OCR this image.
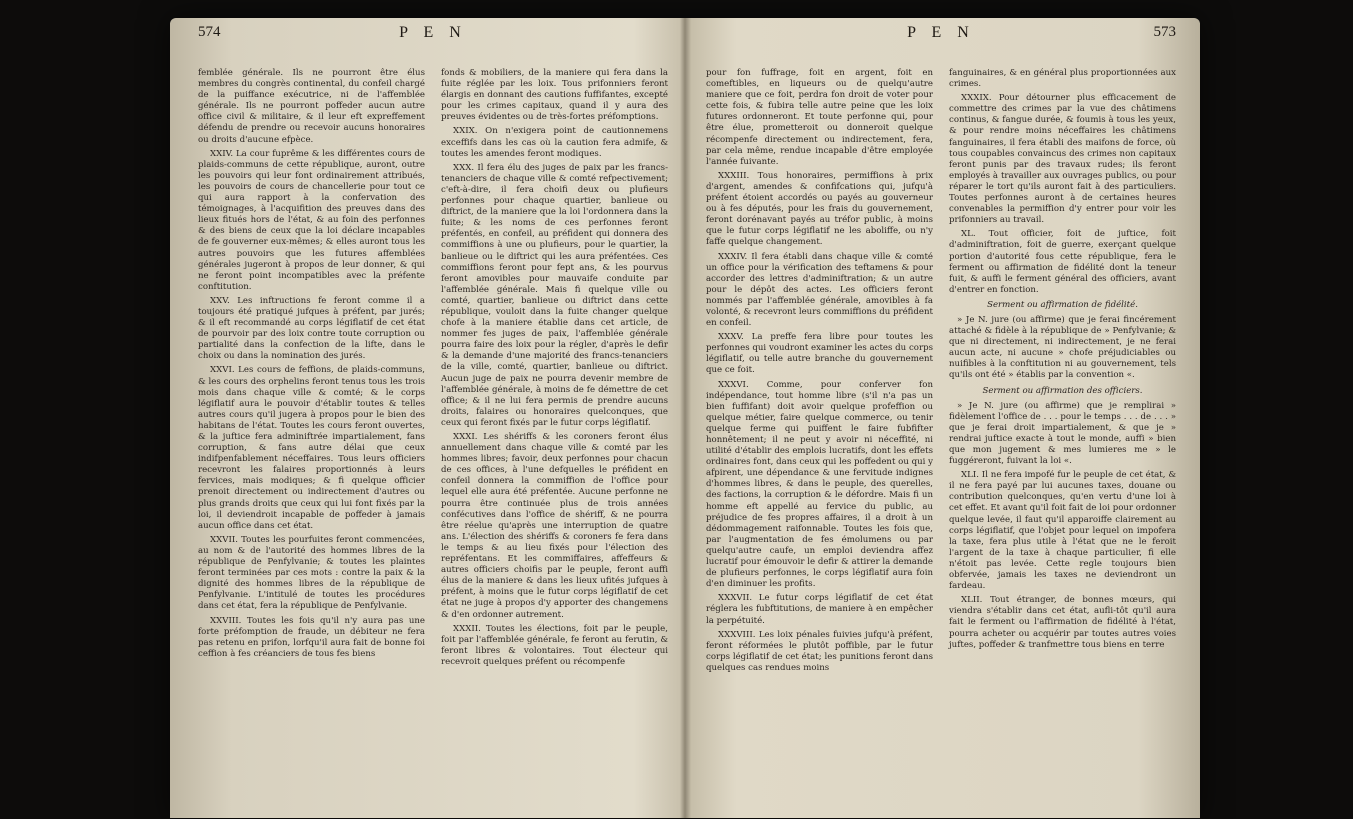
574	P E N

femblée générale. Ils ne pourront être élus membres du congrès continental, du confeil chargé de la puiffance exécutrice, ni de l'affemblée générale. Ils ne pourront poffeder aucun autre office civil & militaire, & il leur eft expreffement défendu de prendre ou recevoir aucuns honoraires ou droits d'aucune efpèce.

XXIV. La cour fuprême & les différentes cours de plaids-communs de cette république, auront, outre les pouvoirs qui leur font ordinairement attribués, les pouvoirs de cours de chancellerie pour tout ce qui aura rapport à la confervation des témoignages, à l'acquifition des preuves dans des lieux fitués hors de l'état, & au foin des perfonnes & des biens de ceux que la loi déclare incapables de fe gouverner eux-mêmes; & elles auront tous les autres pouvoirs que les futures affemblées générales jugeront à propos de leur donner, & qui ne feront point incompatibles avec la préfente conftitution.

XXV. Les inftructions fe feront comme il a toujours été pratiqué jufques à préfent, par jurés; & il eft recommandé au corps légiflatif de cet état de pourvoir par des loix contre toute corruption ou partialité dans la confection de la lifte, dans le choix ou dans la nomination des jurés.

XXVI. Les cours de feffions, de plaids-communs, & les cours des orphelins feront tenus tous les trois mois dans chaque ville & comté; & le corps légiflatif aura le pouvoir d'établir toutes & telles autres cours qu'il jugera à propos pour le bien des habitans de l'état. Toutes les cours feront ouvertes, & la juftice fera adminiftrée impartialement, fans corruption, & fans autre délai que ceux indifpenfablement néceffaires. Tous leurs officiers recevront les falaires proportionnés à leurs fervices, mais modiques; & fi quelque officier prenoit directement ou indirectement d'autres ou plus grands droits que ceux qui lui font fixés par la loi, il deviendroit incapable de poffeder à jamais aucun office dans cet état.

XXVII. Toutes les pourfuites feront commencées, au nom & de l'autorité des hommes libres de la république de Penfylvanie; & toutes les plaintes feront terminées par ces mots : contre la paix & la dignité des hommes libres de la république de Penfylvanie. L'intitulé de toutes les procédures dans cet état, fera la république de Penfylvanie.

XXVIII. Toutes les fois qu'il n'y aura pas une forte préfomption de fraude, un débiteur ne fera pas retenu en prifon, lorfqu'il aura fait de bonne foi ceffion à fes créanciers de tous fes biens

fonds & mobiliers, de la maniere qui fera dans la fuite réglée par les loix. Tous prifonniers feront élargis en donnant des cautions fuffifantes, excepté pour les crimes capitaux, quand il y aura des preuves évidentes ou de très-fortes préfomptions.

XXIX. On n'exigera point de cautionnemens exceffifs dans les cas où la caution fera admife, & toutes les amendes feront modiques.

XXX. Il fera élu des juges de paix par les francs-tenanciers de chaque ville & comté refpectivement; c'eft-à-dire, il fera choifi deux ou plufieurs perfonnes pour chaque quartier, banlieue ou diftrict, de la maniere que la loi l'ordonnera dans la fuite; & les noms de ces perfonnes feront préfentés, en confeil, au préfident qui donnera des commiffions à une ou plufieurs, pour le quartier, la banlieue ou le diftrict qui les aura préfentées. Ces commiffions feront pour fept ans, & les pourvus feront amovibles pour mauvaife conduite par l'affemblée générale. Mais fi quelque ville ou comté, quartier, banlieue ou diftrict dans cette république, vouloit dans la fuite changer quelque chofe à la maniere établie dans cet article, de nommer fes juges de paix, l'affemblée générale pourra faire des loix pour la régler, d'après le defir & la demande d'une majorité des francs-tenanciers de la ville, comté, quartier, banlieue ou diftrict. Aucun juge de paix ne pourra devenir membre de l'affemblée générale, à moins de fe démettre de cet office; & il ne lui fera permis de prendre aucuns droits, falaires ou honoraires quelconques, que ceux qui feront fixés par le futur corps légiflatif.

XXXI. Les shériffs & les coroners feront élus annuellement dans chaque ville & comté par les hommes libres; favoir, deux perfonnes pour chacun de ces offices, à l'une defquelles le préfident en confeil donnera la commiffion de l'office pour lequel elle aura été préfentée. Aucune perfonne ne pourra être continuée plus de trois années confécutives dans l'office de shériff, & ne pourra être réelue qu'après une interruption de quatre ans. L'élection des shériffs & coroners fe fera dans le temps & au lieu fixés pour l'élection des repréfentans. Et les commiffaires, affeffeurs & autres officiers choifis par le peuple, feront auffi élus de la maniere & dans les lieux ufités jufques à préfent, à moins que le futur corps légiflatif de cet état ne juge à propos d'y apporter des changemens & d'en ordonner autrement.

XXXII. Toutes les élections, foit par le peuple, foit par l'affemblée générale, fe feront au ferutin, & feront libres & volontaires. Tout électeur qui recevroit quelques préfent ou récompenfe

P E N	573

pour fon fuffrage, foit en argent, foit en comeftibles, en liqueurs ou de quelqu'autre maniere que ce foit, perdra fon droit de voter pour cette fois, & fubira telle autre peine que les loix futures ordonneront. Et toute perfonne qui, pour être élue, prometteroit ou donneroit quelque récompenfe directement ou indirectement, fera, par cela même, rendue incapable d'être employée l'année fuivante.

XXXIII. Tous honoraires, permiffions à prix d'argent, amendes & confifcations qui, jufqu'à préfent étoient accordés ou payés au gouverneur ou à fes députés, pour les frais du gouvernement, feront dorénavant payés au tréfor public, à moins que le futur corps légiflatif ne les aboliffe, ou n'y faffe quelque changement.

XXXIV. Il fera établi dans chaque ville & comté un office pour la vérification des teftamens & pour accorder des lettres d'adminiftration; & un autre pour le dépôt des actes. Les officiers feront nommés par l'affemblée générale, amovibles à fa volonté, & recevront leurs commiffions du préfident en confeil.

XXXV. La preffe fera libre pour toutes les perfonnes qui voudront examiner les actes du corps légiflatif, ou telle autre branche du gouvernement que ce foit.

XXXVI. Comme, pour conferver fon indépendance, tout homme libre (s'il n'a pas un bien fuffifant) doit avoir quelque profeffion ou quelque métier, faire quelque commerce, ou tenir quelque ferme qui puiffent le faire fubfifter honnêtement; il ne peut y avoir ni néceffité, ni utilité d'établir des emplois lucratifs, dont les effets ordinaires font, dans ceux qui les poffedent ou qui y afpirent, une dépendance & une fervitude indignes d'hommes libres, & dans le peuple, des querelles, des factions, la corruption & le défordre. Mais fi un homme eft appellé au fervice du public, au préjudice de fes propres affaires, il a droit à un dédommagement raifonnable. Toutes les fois que, par l'augmentation de fes émolumens ou par quelqu'autre caufe, un emploi deviendra affez lucratif pour émouvoir le defir & attirer la demande de plufieurs perfonnes, le corps légiflatif aura foin d'en diminuer les profits.

XXXVII. Le futur corps légiflatif de cet état réglera les fubftitutions, de maniere à en empêcher la perpétuité.

XXXVIII. Les loix pénales fuivies jufqu'à préfent, feront réformées le plutôt poffible, par le futur corps légiflatif de cet état; les punitions feront dans quelques cas rendues moins

fanguinaires, & en général plus proportionnées aux crimes.

XXXIX. Pour détourner plus efficacement de commettre des crimes par la vue des châtimens continus, & fangue durée, & foumis à tous les yeux, & pour rendre moins néceffaires les châtimens fanguinaires, il fera établi des maifons de force, où tous coupables convaincus des crimes non capitaux feront punis par des travaux rudes; ils feront employés à travailler aux ouvrages publics, ou pour réparer le tort qu'ils auront fait à des particuliers. Toutes perfonnes auront à de certaines heures convenables la permiffion d'y entrer pour voir les prifonniers au travail.

XL. Tout officier, foit de juftice, foit d'adminiftration, foit de guerre, exerçant quelque portion d'autorité fous cette république, fera le ferment ou affirmation de fidélité dont la teneur fuit, & auffi le ferment général des officiers, avant d'entrer en fonction.

Serment ou affirmation de fidélité.

» Je N. jure (ou affirme) que je ferai fincérement attaché & fidèle à la république de » Penfylvanie; & que ni directement, ni indirectement, je ne ferai aucun acte, ni aucune » chofe préjudiciables ou nuifibles à la conftitution ni au gouvernement, tels qu'ils ont été » établis par la convention «.

Serment ou affirmation des officiers.

» Je N. jure (ou affirme) que je remplirai » fidèlement l'office de . . . pour le temps . . . de . . . » que je ferai droit impartialement, & que je » rendrai juftice exacte à tout le monde, auffi » bien que mon jugement & mes lumieres me » le fuggéreront, fuivant la loi «.

XLI. Il ne fera impofé fur le peuple de cet état, & il ne fera payé par lui aucunes taxes, douane ou contribution quelconques, qu'en vertu d'une loi à cet effet. Et avant qu'il foit fait de loi pour ordonner quelque levée, il faut qu'il apparoiffe clairement au corps légiflatif, que l'objet pour lequel on impofera la taxe, fera plus utile à l'état que ne le feroit l'argent de la taxe à chaque particulier, fi elle n'étoit pas levée. Cette regle toujours bien obfervée, jamais les taxes ne deviendront un fardeau.

XLII. Tout étranger, de bonnes mœurs, qui viendra s'établir dans cet état, aufli-tôt qu'il aura fait le ferment ou l'affirmation de fidélité à l'état, pourra acheter ou acquérir par toutes autres voies juftes, poffeder & tranfmettre tous biens en terre
